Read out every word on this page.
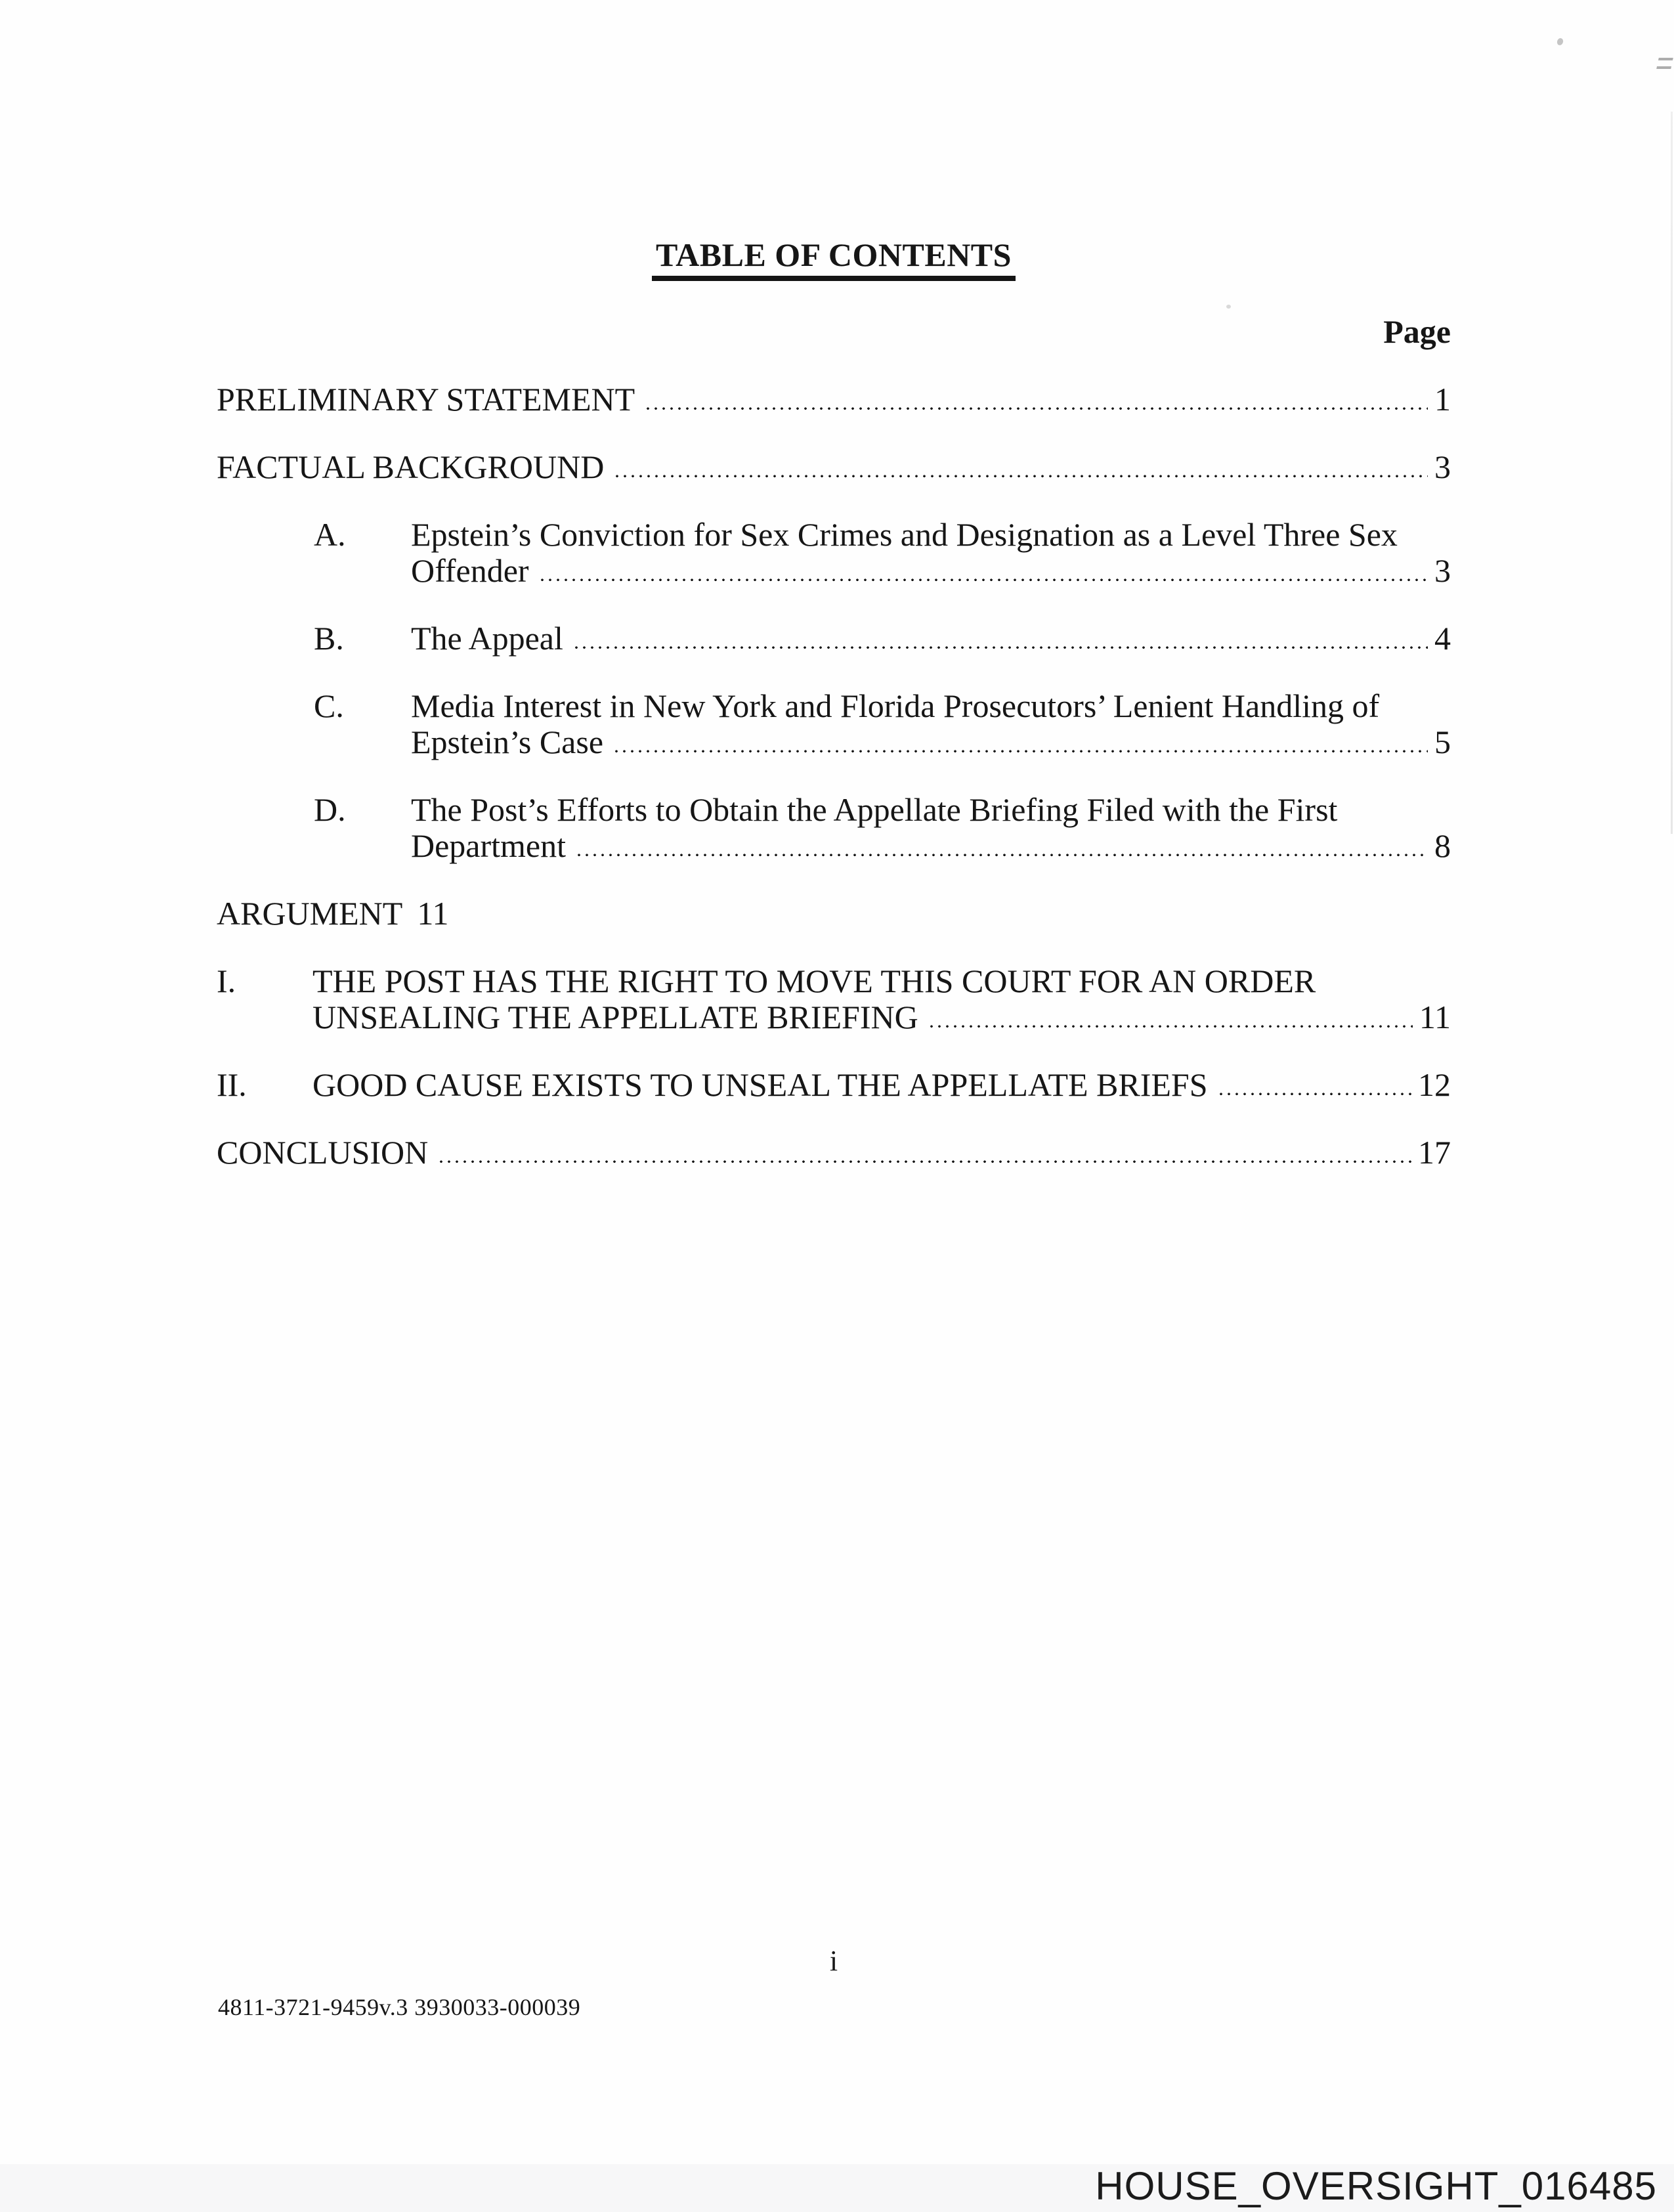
TABLE OF CONTENTS
Page
PRELIMINARY STATEMENT	1
FACTUAL BACKGROUND	3
A. Epstein’s Conviction for Sex Crimes and Designation as a Level Three Sex
Offender	3
B. The Appeal	4
C. Media Interest in New York and Florida Prosecutors’ Lenient Handling of
Epstein’s Case	5
D. The Post’s Efforts to Obtain the Appellate Briefing Filed with the First
Department	8
ARGUMENT 11
I. THE POST HAS THE RIGHT TO MOVE THIS COURT FOR AN ORDER
UNSEALING THE APPELLATE BRIEFING	11
II. GOOD CAUSE EXISTS TO UNSEAL THE APPELLATE BRIEFS	12
CONCLUSION	17
i
4811-3721-9459v.3 3930033-000039
HOUSE_OVERSIGHT_016485
